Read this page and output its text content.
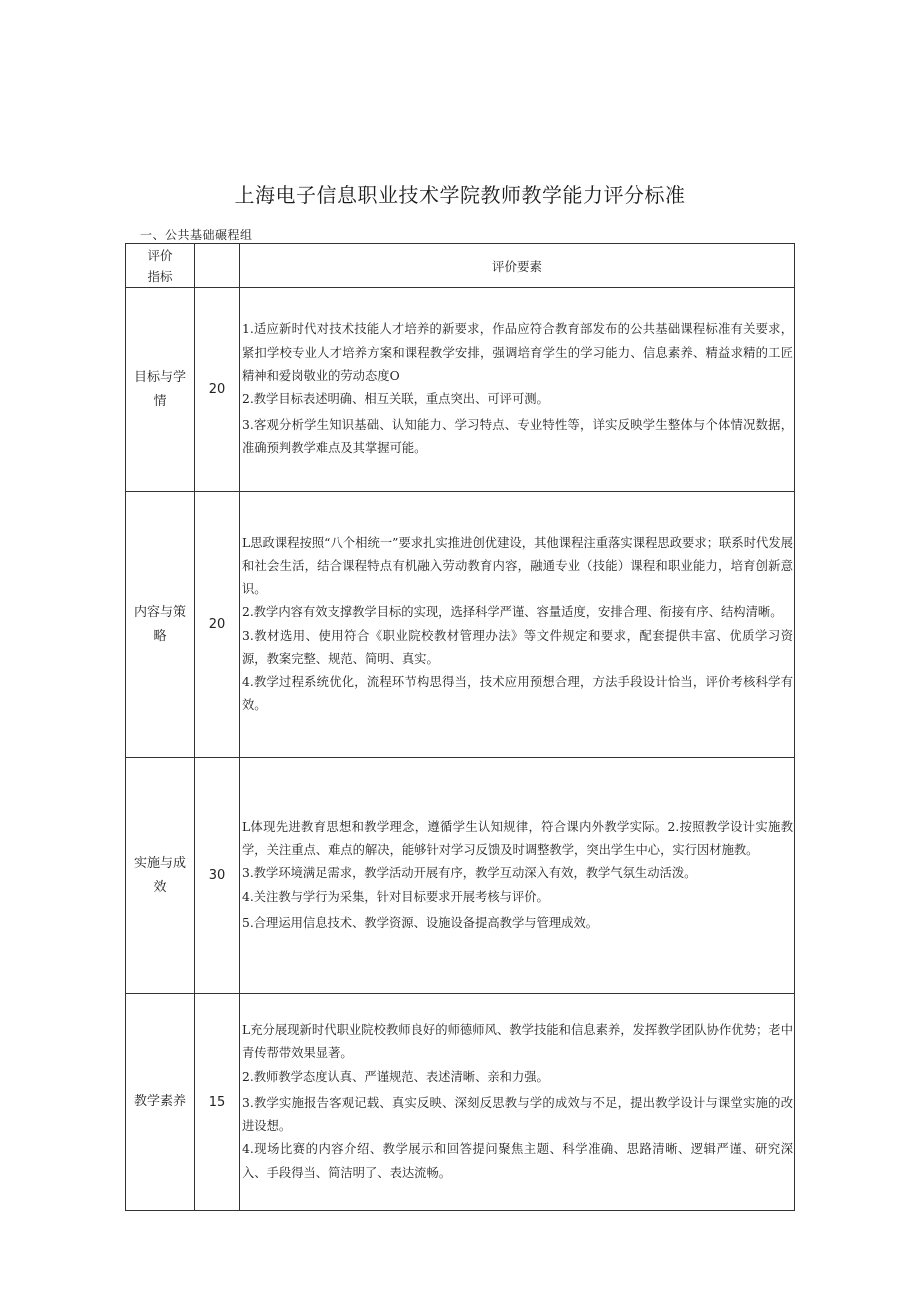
上海电子信息职业技术学院教师教学能力评分标准
一、公共基础碾程组
评价指标		评价要素
目标与学情	20	1.适应新时代对技术技能人才培养的新要求，作品应符合教育部发布的公共基础课程标准有关要求，紧扣学校专业人才培养方案和课程教学安排，强调培育学生的学习能力、信息素养、精益求精的工匠精神和爱岗敬业的劳动态度O

2.教学目标表述明确、相互关联，重点突出、可评可测。

3.客观分析学生知识基础、认知能力、学习特点、专业特性等，详实反映学生整体与个体情况数据，准确预判教学难点及其掌握可能。

内容与策略	20	L思政课程按照“八个相统一”要求扎实推进创优建设，其他课程注重落实课程思政要求；联系时代发展和社会生活，结合课程特点有机融入劳动教育内容，融通专业（技能）课程和职业能力，培育创新意识。

2.教学内容有效支撑教学目标的实现，选择科学严谨、容量适度，安排合理、衔接有序、结构清晰。

3.教材选用、使用符合《职业院校教材管理办法》等文件规定和要求，配套提供丰富、优质学习资源，教案完整、规范、简明、真实。

4.教学过程系统优化，流程环节构思得当，技术应用预想合理，方法手段设计恰当，评价考核科学有效。

实施与成效	30	L体现先进教育思想和教学理念，遵循学生认知规律，符合课内外教学实际。2.按照教学设计实施教学，关注重点、难点的解决，能够针对学习反馈及时调整教学，突出学生中心，实行因材施教。

3.教学环境满足需求，教学活动开展有序，教学互动深入有效，教学气氛生动活泼。

4.关注教与学行为采集，针对目标要求开展考核与评价。

5.合理运用信息技术、教学资源、设施设备提高教学与管理成效。

教学素养	15	L充分展现新时代职业院校教师良好的师德师风、教学技能和信息素养，发挥教学团队协作优势；老中青传帮带效果显著。

2.教师教学态度认真、严谨规范、表述清晰、亲和力强。

3.教学实施报告客观记载、真实反映、深刻反思教与学的成效与不足，提出教学设计与课堂实施的改进设想。

4.现场比赛的内容介绍、教学展示和回答提问聚焦主题、科学准确、思路清晰、逻辑严谨、研究深入、手段得当、简洁明了、表达流畅。
